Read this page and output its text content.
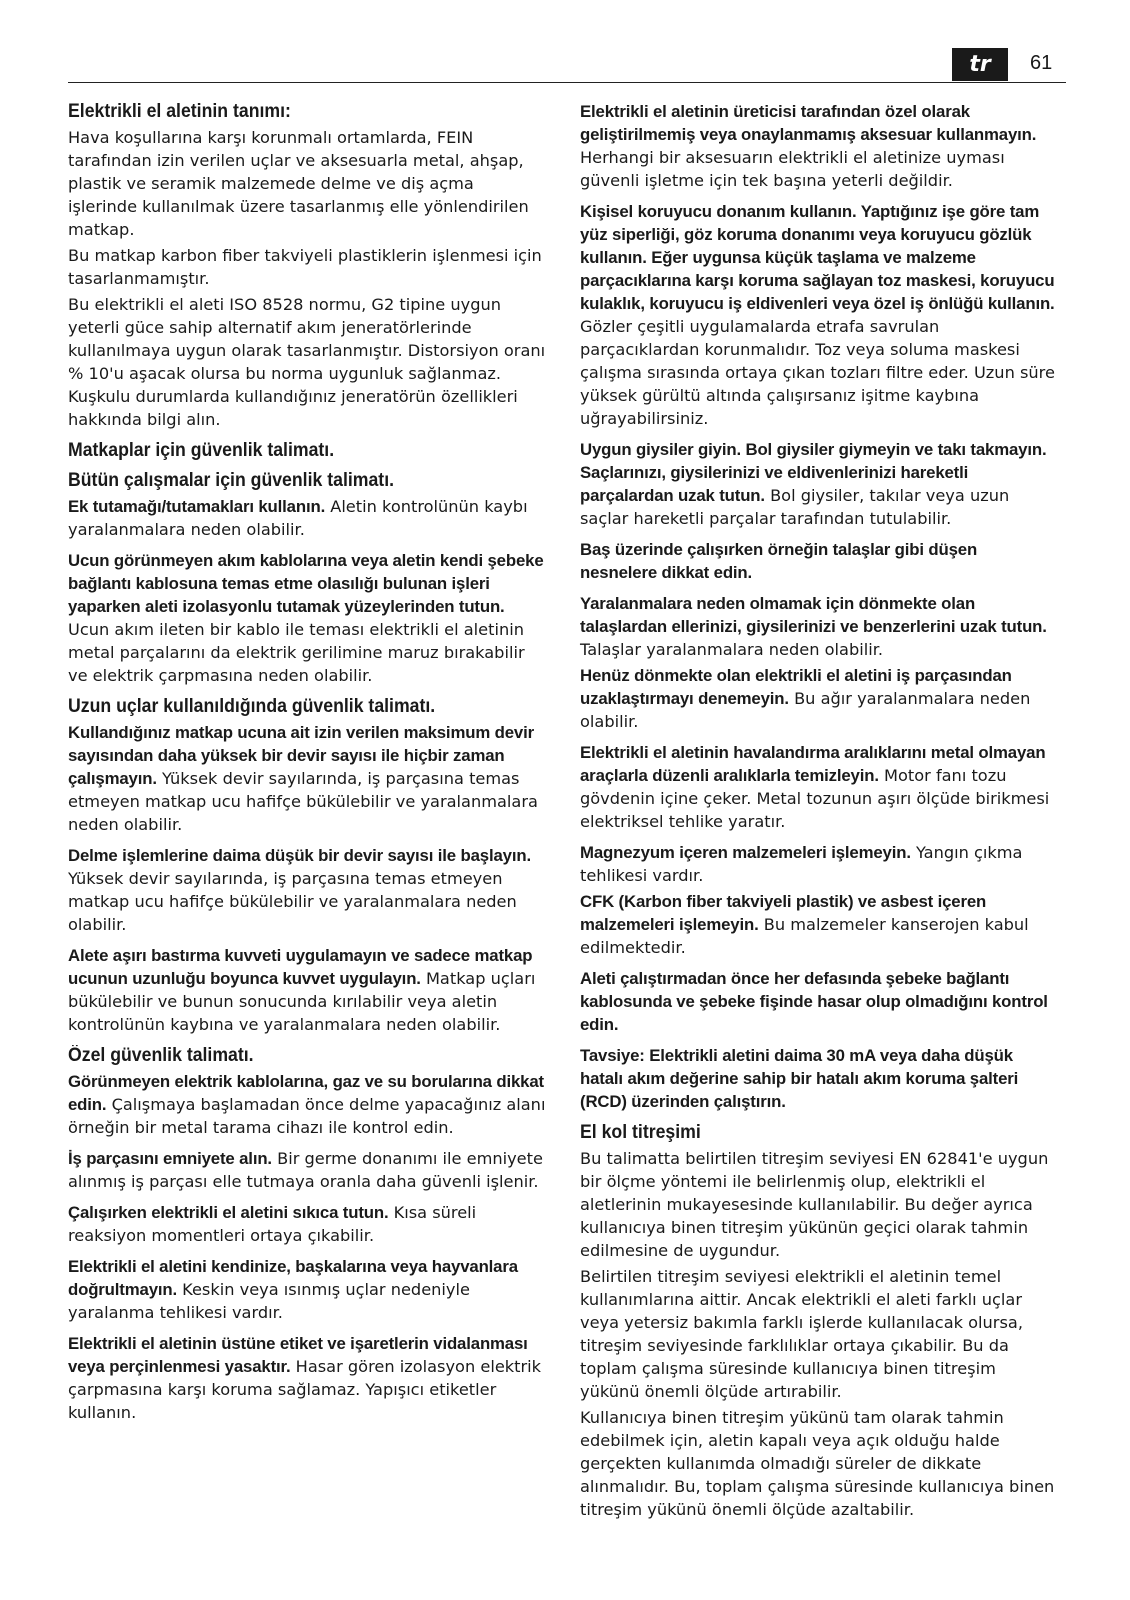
tr	61
Elektrikli el aletinin tanımı:

Hava koşullarına karşı korunmalı ortamlarda, FEIN tarafından izin verilen uçlar ve aksesuarla metal, ahşap, plastik ve seramik malzemede delme ve diş açma işlerinde kullanılmak üzere tasarlanmış elle yönlendirilen matkap.

Bu matkap karbon fiber takviyeli plastiklerin işlenmesi için tasarlanmamıştır.

Bu elektrikli el aleti ISO 8528 normu, G2 tipine uygun yeterli güce sahip alternatif akım jeneratörlerinde kullanılmaya uygun olarak tasarlanmıştır. Distorsiyon oranı % 10'u aşacak olursa bu norma uygunluk sağlanmaz. Kuşkulu durumlarda kullandığınız jeneratörün özellikleri hakkında bilgi alın.

Matkaplar için güvenlik talimatı.
Bütün çalışmalar için güvenlik talimatı.

Ek tutamağı/tutamakları kullanın. Aletin kontrolünün kaybı yaralanmalara neden olabilir.

Ucun görünmeyen akım kablolarına veya aletin kendi şebeke bağlantı kablosuna temas etme olasılığı bulunan işleri yaparken aleti izolasyonlu tutamak yüzeylerinden tutun. Ucun akım ileten bir kablo ile teması elektrikli el aletinin metal parçalarını da elektrik gerilimine maruz bırakabilir ve elektrik çarpmasına neden olabilir.

Uzun uçlar kullanıldığında güvenlik talimatı.

Kullandığınız matkap ucuna ait izin verilen maksimum devir sayısından daha yüksek bir devir sayısı ile hiçbir zaman çalışmayın. Yüksek devir sayılarında, iş parçasına temas etmeyen matkap ucu hafifçe bükülebilir ve yaralanmalara neden olabilir.

Delme işlemlerine daima düşük bir devir sayısı ile başlayın. Yüksek devir sayılarında, iş parçasına temas etmeyen matkap ucu hafifçe bükülebilir ve yaralanmalara neden olabilir.

Alete aşırı bastırma kuvveti uygulamayın ve sadece matkap ucunun uzunluğu boyunca kuvvet uygulayın. Matkap uçları bükülebilir ve bunun sonucunda kırılabilir veya aletin kontrolünün kaybına ve yaralanmalara neden olabilir.

Özel güvenlik talimatı.

Görünmeyen elektrik kablolarına, gaz ve su borularına dikkat edin. Çalışmaya başlamadan önce delme yapacağınız alanı örneğin bir metal tarama cihazı ile kontrol edin.

İş parçasını emniyete alın. Bir germe donanımı ile emniyete alınmış iş parçası elle tutmaya oranla daha güvenli işlenir.

Çalışırken elektrikli el aletini sıkıca tutun. Kısa süreli reaksiyon momentleri ortaya çıkabilir.

Elektrikli el aletini kendinize, başkalarına veya hayvanlara doğrultmayın. Keskin veya ısınmış uçlar nedeniyle yaralanma tehlikesi vardır.

Elektrikli el aletinin üstüne etiket ve işaretlerin vidalanması veya perçinlenmesi yasaktır. Hasar gören izolasyon elektrik çarpmasına karşı koruma sağlamaz. Yapışıcı etiketler kullanın.

Elektrikli el aletinin üreticisi tarafından özel olarak geliştirilmemiş veya onaylanmamış aksesuar kullanmayın. Herhangi bir aksesuarın elektrikli el aletinize uyması güvenli işletme için tek başına yeterli değildir.

Kişisel koruyucu donanım kullanın. Yaptığınız işe göre tam yüz siperliği, göz koruma donanımı veya koruyucu gözlük kullanın. Eğer uygunsa küçük taşlama ve malzeme parçacıklarına karşı koruma sağlayan toz maskesi, koruyucu kulaklık, koruyucu iş eldivenleri veya özel iş önlüğü kullanın. Gözler çeşitli uygulamalarda etrafa savrulan parçacıklardan korunmalıdır. Toz veya soluma maskesi çalışma sırasında ortaya çıkan tozları filtre eder. Uzun süre yüksek gürültü altında çalışırsanız işitme kaybına uğrayabilirsiniz.

Uygun giysiler giyin. Bol giysiler giymeyin ve takı takmayın. Saçlarınızı, giysilerinizi ve eldivenlerinizi hareketli parçalardan uzak tutun. Bol giysiler, takılar veya uzun saçlar hareketli parçalar tarafından tutulabilir.

Baş üzerinde çalışırken örneğin talaşlar gibi düşen nesnelere dikkat edin.

Yaralanmalara neden olmamak için dönmekte olan talaşlardan ellerinizi, giysilerinizi ve benzerlerini uzak tutun. Talaşlar yaralanmalara neden olabilir.

Henüz dönmekte olan elektrikli el aletini iş parçasından uzaklaştırmayı denemeyin. Bu ağır yaralanmalara neden olabilir.

Elektrikli el aletinin havalandırma aralıklarını metal olmayan araçlarla düzenli aralıklarla temizleyin. Motor fanı tozu gövdenin içine çeker. Metal tozunun aşırı ölçüde birikmesi elektriksel tehlike yaratır.

Magnezyum içeren malzemeleri işlemeyin. Yangın çıkma tehlikesi vardır.

CFK (Karbon fiber takviyeli plastik) ve asbest içeren malzemeleri işlemeyin. Bu malzemeler kanserojen kabul edilmektedir.

Aleti çalıştırmadan önce her defasında şebeke bağlantı kablosunda ve şebeke fişinde hasar olup olmadığını kontrol edin.

Tavsiye: Elektrikli aletini daima 30 mA veya daha düşük hatalı akım değerine sahip bir hatalı akım koruma şalteri (RCD) üzerinden çalıştırın.

El kol titreşimi

Bu talimatta belirtilen titreşim seviyesi EN 62841'e uygun bir ölçme yöntemi ile belirlenmiş olup, elektrikli el aletlerinin mukayesesinde kullanılabilir. Bu değer ayrıca kullanıcıya binen titreşim yükünün geçici olarak tahmin edilmesine de uygundur.

Belirtilen titreşim seviyesi elektrikli el aletinin temel kullanımlarına aittir. Ancak elektrikli el aleti farklı uçlar veya yetersiz bakımla farklı işlerde kullanılacak olursa, titreşim seviyesinde farklılıklar ortaya çıkabilir. Bu da toplam çalışma süresinde kullanıcıya binen titreşim yükünü önemli ölçüde artırabilir.

Kullanıcıya binen titreşim yükünü tam olarak tahmin edebilmek için, aletin kapalı veya açık olduğu halde gerçekten kullanımda olmadığı süreler de dikkate alınmalıdır. Bu, toplam çalışma süresinde kullanıcıya binen titreşim yükünü önemli ölçüde azaltabilir.
